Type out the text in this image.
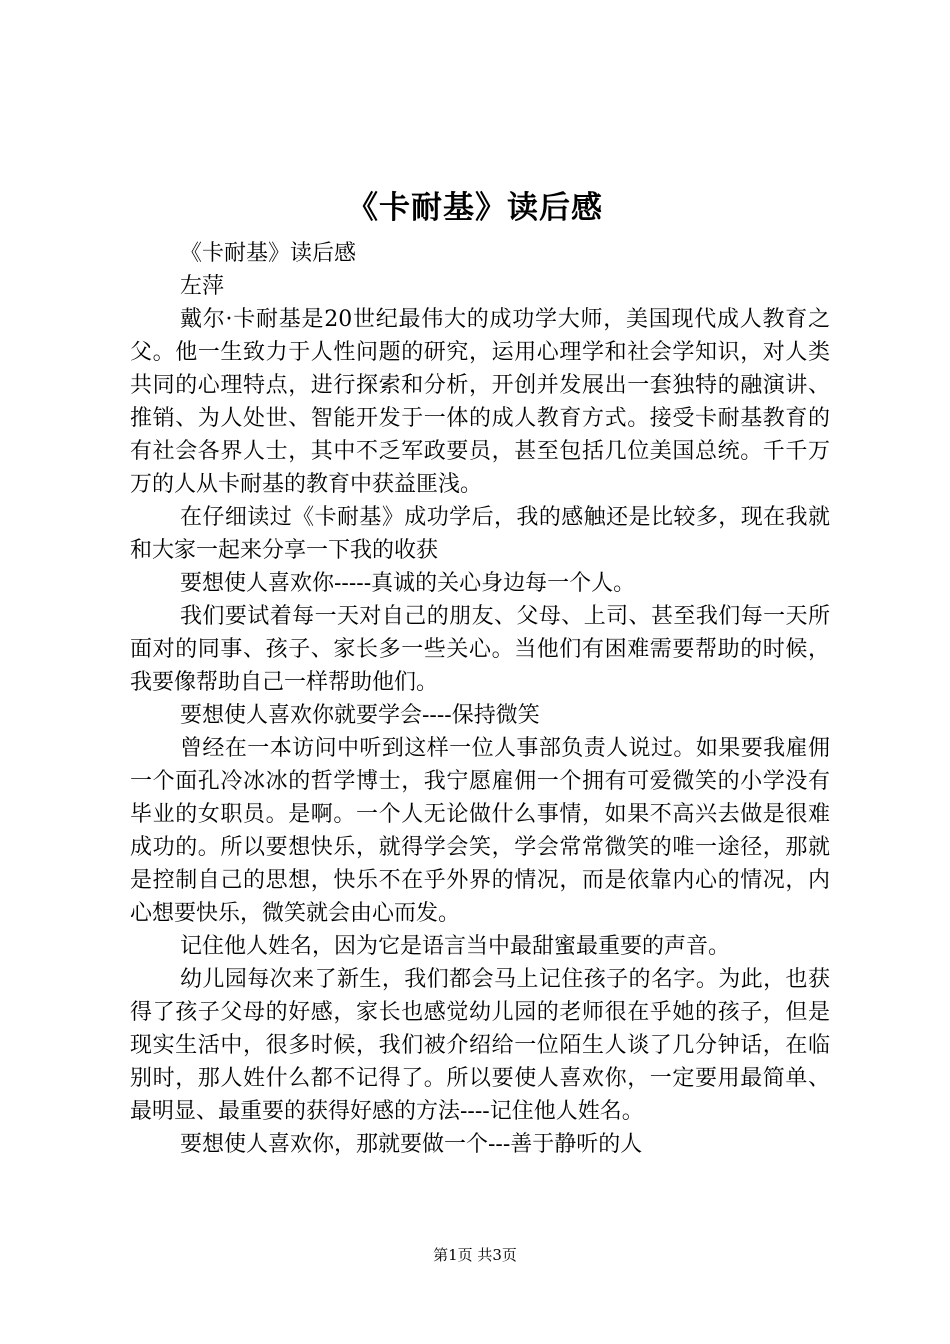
《卡耐基》读后感

《卡耐基》读后感

左萍

戴尔·卡耐基是20世纪最伟大的成功学大师，美国现代成人教育之父。他一生致力于人性问题的研究，运用心理学和社会学知识，对人类共同的心理特点，进行探索和分析，开创并发展出一套独特的融演讲、推销、为人处世、智能开发于一体的成人教育方式。接受卡耐基教育的有社会各界人士，其中不乏军政要员，甚至包括几位美国总统。千千万万的人从卡耐基的教育中获益匪浅。

在仔细读过《卡耐基》成功学后，我的感触还是比较多，现在我就和大家一起来分享一下我的收获

要想使人喜欢你-----真诚的关心身边每一个人。

我们要试着每一天对自己的朋友、父母、上司、甚至我们每一天所面对的同事、孩子、家长多一些关心。当他们有困难需要帮助的时候，我要像帮助自己一样帮助他们。

要想使人喜欢你就要学会----保持微笑

曾经在一本访问中听到这样一位人事部负责人说过。如果要我雇佣一个面孔冷冰冰的哲学博士，我宁愿雇佣一个拥有可爱微笑的小学没有毕业的女职员。是啊。一个人无论做什么事情，如果不高兴去做是很难成功的。所以要想快乐，就得学会笑，学会常常微笑的唯一途径，那就是控制自己的思想，快乐不在乎外界的情况，而是依靠内心的情况，内心想要快乐，微笑就会由心而发。

记住他人姓名，因为它是语言当中最甜蜜最重要的声音。

幼儿园每次来了新生，我们都会马上记住孩子的名字。为此，也获得了孩子父母的好感，家长也感觉幼儿园的老师很在乎她的孩子，但是现实生活中，很多时候，我们被介绍给一位陌生人谈了几分钟话，在临别时，那人姓什么都不记得了。所以要使人喜欢你，一定要用最简单、最明显、最重要的获得好感的方法----记住他人姓名。

要想使人喜欢你，那就要做一个---善于静听的人

第1页 共3页
